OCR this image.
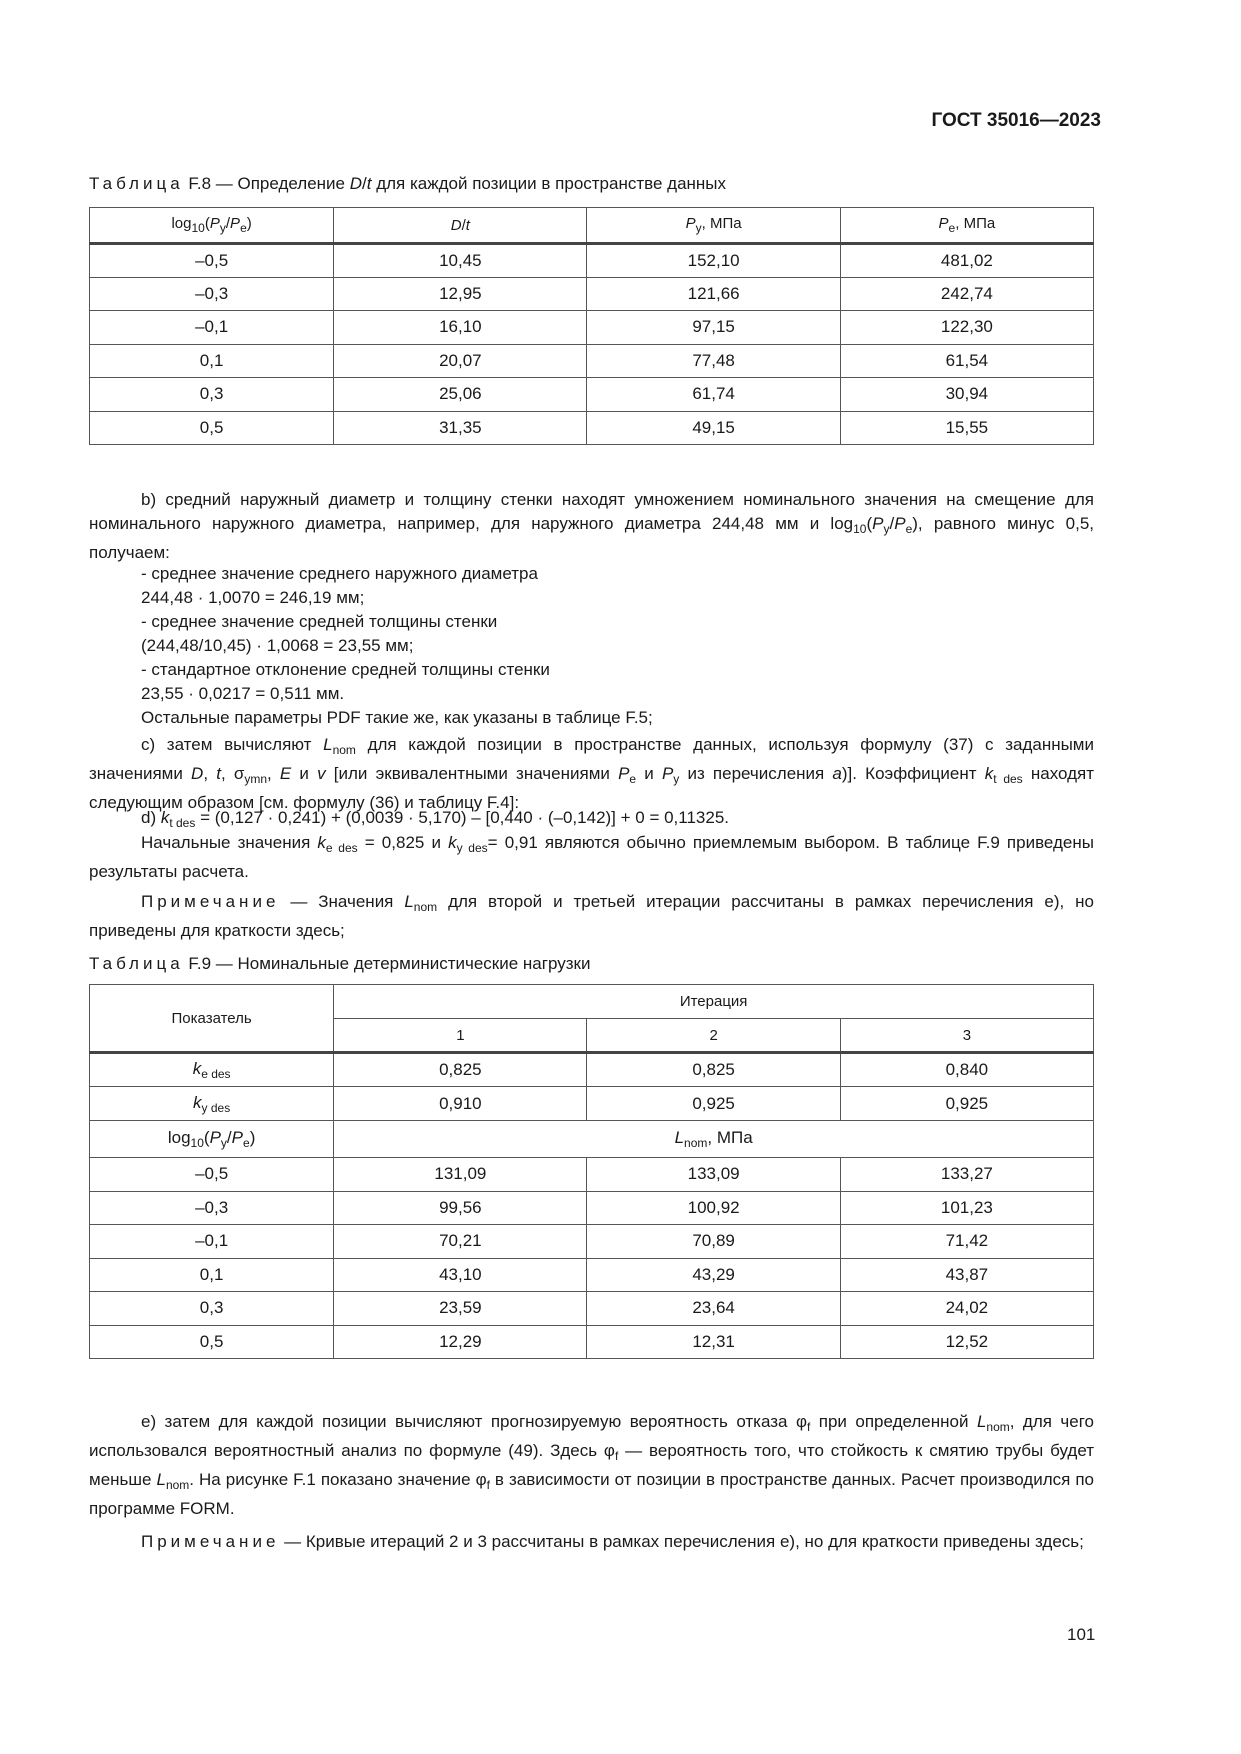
ГОСТ 35016—2023
Таблица F.8 — Определение D/t для каждой позиции в пространстве данных
$\log_{10}(P_y/P_e)$	D/t	$P_y$, МПа	$P_e$, МПа
–0,5	10,45	152,10	481,02
–0,3	12,95	121,66	242,74
–0,1	16,10	97,15	122,30
0,1	20,07	77,48	61,54
0,3	25,06	61,74	30,94
0,5	31,35	49,15	15,55
b) средний наружный диаметр и толщину стенки находят умножением номинального значения на смещение для номинального наружного диаметра, например, для наружного диаметра 244,48 мм и $\log_{10}(P_y/P_e)$, равного минус 0,5, получаем:
- среднее значение среднего наружного диаметра
244,48 · 1,0070 = 246,19 мм;
- среднее значение средней толщины стенки
(244,48/10,45) · 1,0068 = 23,55 мм;
- стандартное отклонение средней толщины стенки
23,55 · 0,0217 = 0,511 мм.
Остальные параметры PDF такие же, как указаны в таблице F.5;
c) затем вычисляют $L_{nom}$ для каждой позиции в пространстве данных, используя формулу (37) с заданными значениями D, t, $\sigma_{ymn}$, E и v [или эквивалентными значениями $P_e$ и $P_y$ из перечисления a)]. Коэффициент $k_{t des}$ находят следующим образом [см. формулу (36) и таблицу F.4]:
d) $k_{t des} = (0,127 \cdot 0,241) + (0,0039 \cdot 5,170) - [0,440 \cdot (-0,142)] + 0 = 0,11325$.
Начальные значения $k_{e des} = 0,825$ и $k_{y des}= 0,91$ являются обычно приемлемым выбором. В таблице F.9 приведены результаты расчета.
Примечание — Значения $L_{nom}$ для второй и третьей итерации рассчитаны в рамках перечисления e), но приведены для краткости здесь;
Таблица F.9 — Номинальные детерминистические нагрузки
Показатель	Итерация		
	1	2	3
$k_{e des}$	0,825	0,825	0,840
$k_{y des}$	0,910	0,925	0,925
$\log_{10}(P_y/P_e)$	$L_{nom}$, МПа		
–0,5	131,09	133,09	133,27
–0,3	99,56	100,92	101,23
–0,1	70,21	70,89	71,42
0,1	43,10	43,29	43,87
0,3	23,59	23,64	24,02
0,5	12,29	12,31	12,52
e) затем для каждой позиции вычисляют прогнозируемую вероятность отказа $\varphi_f$ при определенной $L_{nom}$, для чего использовался вероятностный анализ по формуле (49). Здесь $\varphi_f$ — вероятность того, что стойкость к смятию трубы будет меньше $L_{nom}$. На рисунке F.1 показано значение $\varphi_f$ в зависимости от позиции в пространстве данных. Расчет производился по программе FORM.
Примечание — Кривые итераций 2 и 3 рассчитаны в рамках перечисления e), но для краткости приведены здесь;
101
